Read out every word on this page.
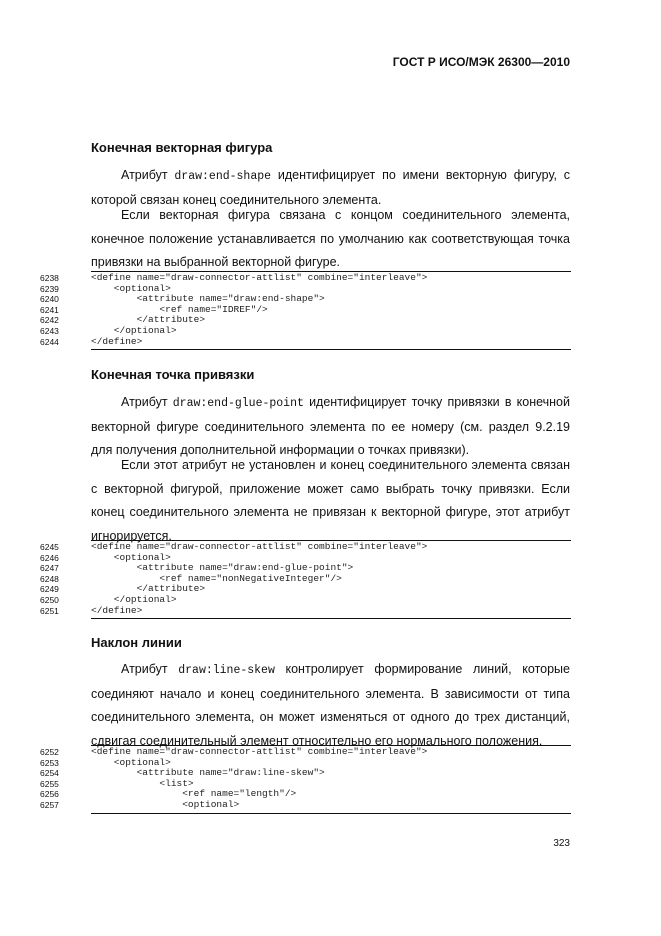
ГОСТ Р ИСО/МЭК 26300—2010
Конечная векторная фигура

Атрибут draw:end-shape идентифицирует по имени векторную фигуру, с которой связан конец соединительного элемента.

Если векторная фигура связана с концом соединительного элемента, конечное положение устанавливается по умолчанию как соответствующая точка привязки на выбранной векторной фигуре.

6238	<define name="draw-connector-attlist" combine="interleave">
6239	<optional>
6240	<attribute name="draw:end-shape">
6241	<ref name="IDREF"/>
6242	</attribute>
6243	</optional>
6244	</define>
Конечная точка привязки

Атрибут draw:end-glue-point идентифицирует точку привязки в конечной векторной фигуре соединительного элемента по ее номеру (см. раздел 9.2.19 для получения дополнительной информации о точках привязки).

Если этот атрибут не установлен и конец соединительного элемента связан с векторной фигурой, приложение может само выбрать точку привязки. Если конец соединительного элемента не привязан к векторной фигуре, этот атрибут игнорируется.

6245	<define name="draw-connector-attlist" combine="interleave">
6246	<optional>
6247	<attribute name="draw:end-glue-point">
6248	<ref name="nonNegativeInteger"/>
6249	</attribute>
6250	</optional>
6251	</define>
Наклон линии

Атрибут draw:line-skew контролирует формирование линий, которые соединяют начало и конец соединительного элемента. В зависимости от типа соединительного элемента, он может изменяться от одного до трех дистанций, сдвигая соединительный элемент относительно его нормального положения.

6252	<define name="draw-connector-attlist" combine="interleave">
6253	<optional>
6254	<attribute name="draw:line-skew">
6255	<list>
6256	<ref name="length"/>
6257	<optional>
323
